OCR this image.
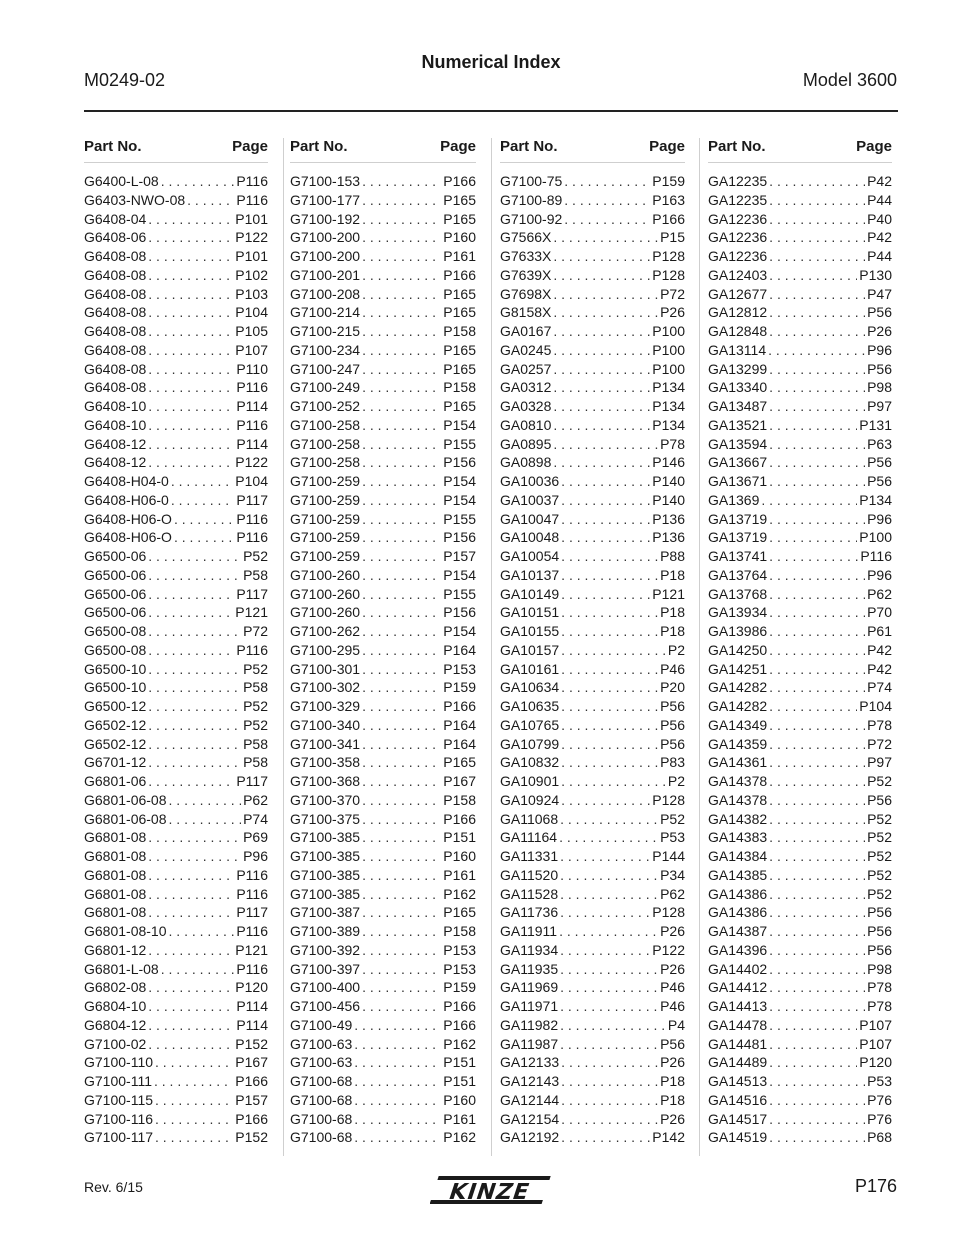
Numerical Index
M0249-02	Model 3600
Part No.	Page
G6400-L-08 . . .	P116
G6403-NWO-08 . . .	P116
G6408-04 . . .	P101
G6408-06 . . .	P122
G6408-08 . . .	P101
G6408-08 . . .	P102
G6408-08 . . .	P103
G6408-08 . . .	P104
G6408-08 . . .	P105
G6408-08 . . .	P107
G6408-08 . . .	P110
G6408-08 . . .	P116
G6408-10 . . .	P114
G6408-10 . . .	P116
G6408-12 . . .	P114
G6408-12 . . .	P122
G6408-H04-0 . . .	P104
G6408-H06-0 . . .	P117
G6408-H06-O . . .	P116
G6408-H06-O . . .	P116
G6500-06 . . .	P52
G6500-06 . . .	P58
G6500-06 . . .	P117
G6500-06 . . .	P121
G6500-08 . . .	P72
G6500-08 . . .	P116
G6500-10 . . .	P52
G6500-10 . . .	P58
G6500-12 . . .	P52
G6502-12 . . .	P52
G6502-12 . . .	P58
G6701-12 . . .	P58
G6801-06 . . .	P117
G6801-06-08 . . .	P62
G6801-06-08 . . .	P74
G6801-08 . . .	P69
G6801-08 . . .	P96
G6801-08 . . .	P116
G6801-08 . . .	P116
G6801-08 . . .	P117
G6801-08-10 . . .	P116
G6801-12 . . .	P121
G6801-L-08 . . .	P116
G6802-08 . . .	P120
G6804-10 . . .	P114
G6804-12 . . .	P114
G7100-02 . . .	P152
G7100-110 . . .	P167
G7100-111 . . .	P166
G7100-115 . . .	P157
G7100-116 . . .	P166
G7100-117 . . .	P152
Part No.	Page
G7100-153 . . .	P166
G7100-177 . . .	P165
G7100-192 . . .	P165
G7100-200 . . .	P160
G7100-200 . . .	P161
G7100-201 . . .	P166
G7100-208 . . .	P165
G7100-214 . . .	P165
G7100-215 . . .	P158
G7100-234 . . .	P165
G7100-247 . . .	P165
G7100-249 . . .	P158
G7100-252 . . .	P165
G7100-258 . . .	P154
G7100-258 . . .	P155
G7100-258 . . .	P156
G7100-259 . . .	P154
G7100-259 . . .	P154
G7100-259 . . .	P155
G7100-259 . . .	P156
G7100-259 . . .	P157
G7100-260 . . .	P154
G7100-260 . . .	P155
G7100-260 . . .	P156
G7100-262 . . .	P154
G7100-295 . . .	P164
G7100-301 . . .	P153
G7100-302 . . .	P159
G7100-329 . . .	P166
G7100-340 . . .	P164
G7100-341 . . .	P164
G7100-358 . . .	P165
G7100-368 . . .	P167
G7100-370 . . .	P158
G7100-375 . . .	P166
G7100-385 . . .	P151
G7100-385 . . .	P160
G7100-385 . . .	P161
G7100-385 . . .	P162
G7100-387 . . .	P165
G7100-389 . . .	P158
G7100-392 . . .	P153
G7100-397 . . .	P153
G7100-400 . . .	P159
G7100-456 . . .	P166
G7100-49 . . .	P166
G7100-63 . . .	P162
G7100-63 . . .	P151
G7100-68 . . .	P151
G7100-68 . . .	P160
G7100-68 . . .	P161
G7100-68 . . .	P162
Part No.	Page
G7100-75 . . .	P159
G7100-89 . . .	P163
G7100-92 . . .	P166
G7566X . . .	P15
G7633X . . .	P128
G7639X . . .	P128
G7698X . . .	P72
G8158X . . .	P26
GA0167 . . .	P100
GA0245 . . .	P100
GA0257 . . .	P100
GA0312 . . .	P134
GA0328 . . .	P134
GA0810 . . .	P134
GA0895 . . .	P78
GA0898 . . .	P146
GA10036 . . .	P140
GA10037 . . .	P140
GA10047 . . .	P136
GA10048 . . .	P136
GA10054 . . .	P88
GA10137 . . .	P18
GA10149 . . .	P121
GA10151 . . .	P18
GA10155 . . .	P18
GA10157 . . .	P2
GA10161 . . .	P46
GA10634 . . .	P20
GA10635 . . .	P56
GA10765 . . .	P56
GA10799 . . .	P56
GA10832 . . .	P83
GA10901 . . .	P2
GA10924 . . .	P128
GA11068 . . .	P52
GA11164 . . .	P53
GA11331 . . .	P144
GA11520 . . .	P34
GA11528 . . .	P62
GA11736 . . .	P128
GA11911 . . .	P26
GA11934 . . .	P122
GA11935 . . .	P26
GA11969 . . .	P46
GA11971 . . .	P46
GA11982 . . .	P4
GA11987 . . .	P56
GA12133 . . .	P26
GA12143 . . .	P18
GA12144 . . .	P18
GA12154 . . .	P26
GA12192 . . .	P142
Part No.	Page
GA12235 . . .	P42
GA12235 . . .	P44
GA12236 . . .	P40
GA12236 . . .	P42
GA12236 . . .	P44
GA12403 . . .	P130
GA12677 . . .	P47
GA12812 . . .	P56
GA12848 . . .	P26
GA13114 . . .	P96
GA13299 . . .	P56
GA13340 . . .	P98
GA13487 . . .	P97
GA13521 . . .	P131
GA13594 . . .	P63
GA13667 . . .	P56
GA13671 . . .	P56
GA1369 . . .	P134
GA13719 . . .	P96
GA13719 . . .	P100
GA13741 . . .	P116
GA13764 . . .	P96
GA13768 . . .	P62
GA13934 . . .	P70
GA13986 . . .	P61
GA14250 . . .	P42
GA14251 . . .	P42
GA14282 . . .	P74
GA14282 . . .	P104
GA14349 . . .	P78
GA14359 . . .	P72
GA14361 . . .	P97
GA14378 . . .	P52
GA14378 . . .	P56
GA14382 . . .	P52
GA14383 . . .	P52
GA14384 . . .	P52
GA14385 . . .	P52
GA14386 . . .	P52
GA14386 . . .	P56
GA14387 . . .	P56
GA14396 . . .	P56
GA14402 . . .	P98
GA14412 . . .	P78
GA14413 . . .	P78
GA14478 . . .	P107
GA14481 . . .	P107
GA14489 . . .	P120
GA14513 . . .	P53
GA14516 . . .	P76
GA14517 . . .	P76
GA14519 . . .	P68
Rev. 6/15	KINZE	P176
